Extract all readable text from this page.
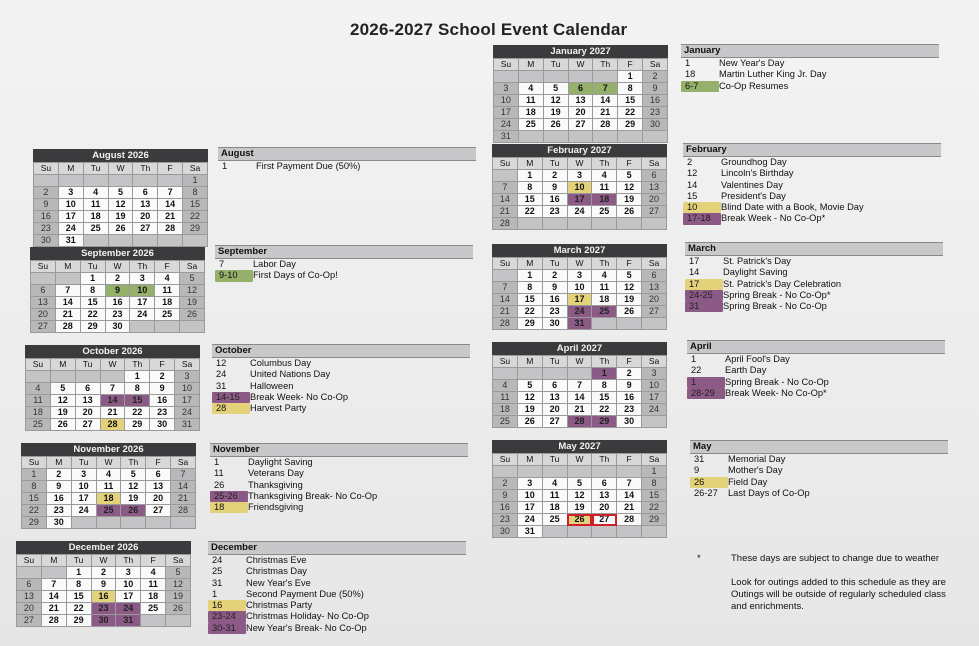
2026-2027 School Event Calendar
August 2026
Su	M	Tu	W	Th	F	Sa
						1
2	3	4	5	6	7	8
9	10	11	12	13	14	15
16	17	18	19	20	21	22
23	24	25	26	27	28	29
30	31					
September 2026
Su	M	Tu	W	Th	F	Sa
		1	2	3	4	5
6	7	8	9	10	11	12
13	14	15	16	17	18	19
20	21	22	23	24	25	26
27	28	29	30			
October 2026
Su	M	Tu	W	Th	F	Sa
				1	2	3
4	5	6	7	8	9	10
11	12	13	14	15	16	17
18	19	20	21	22	23	24
25	26	27	28	29	30	31
November 2026
Su	M	Tu	W	Th	F	Sa
1	2	3	4	5	6	7
8	9	10	11	12	13	14
15	16	17	18	19	20	21
22	23	24	25	26	27	28
29	30					
December 2026
Su	M	Tu	W	Th	F	Sa
		1	2	3	4	5
6	7	8	9	10	11	12
13	14	15	16	17	18	19
20	21	22	23	24	25	26
27	28	29	30	31		
January 2027
Su	M	Tu	W	Th	F	Sa
					1	2
3	4	5	6	7	8	9
10	11	12	13	14	15	16
17	18	19	20	21	22	23
24	25	26	27	28	29	30
31						
February 2027
Su	M	Tu	W	Th	F	Sa
	1	2	3	4	5	6
7	8	9	10	11	12	13
14	15	16	17	18	19	20
21	22	23	24	25	26	27
28						
March 2027
Su	M	Tu	W	Th	F	Sa
	1	2	3	4	5	6
7	8	9	10	11	12	13
14	15	16	17	18	19	20
21	22	23	24	25	26	27
28	29	30	31			
April 2027
Su	M	Tu	W	Th	F	Sa
				1	2	3
4	5	6	7	8	9	10
11	12	13	14	15	16	17
18	19	20	21	22	23	24
25	26	27	28	29	30	
May 2027
Su	M	Tu	W	Th	F	Sa
						1
2	3	4	5	6	7	8
9	10	11	12	13	14	15
16	17	18	19	20	21	22
23	24	25	26	27	28	29
30	31					
August
1	First Payment Due (50%)
September
7	Labor Day
9-10	First Days of Co-Op!
October
12	Columbus Day
24	United Nations Day
31	Halloween
14-15	Break Week- No Co-Op
28	Harvest Party
November
1	Daylight Saving
11	Veterans Day
26	Thanksgiving
25-26	Thanksgiving Break- No Co-Op
18	Friendsgiving
December
24	Christmas Eve
25	Christmas Day
31	New Year's Eve
1	Second Payment Due (50%)
16	Christmas Party
23-24	Christmas Holiday- No Co-Op
30-31	New Year's Break- No Co-Op
January
1	New Year's Day
18	Martin Luther King Jr. Day
6-7	Co-Op Resumes
February
2	Groundhog Day
12	Lincoln's Birthday
14	Valentines Day
15	President's Day
10	Blind Date with a Book, Movie Day
17-18	Break Week - No Co-Op*
March
17	St. Patrick's Day
14	Daylight Saving
17	St. Patrick's Day Celebration
24-25	Spring Break - No Co-Op*
31	Spring Break - No Co-Op
April
1	April Fool's Day
22	Earth Day
1	Spring Break - No Co-Op
28-29	Break Week- No Co-Op*
May
31	Memorial Day
9	Mother's Day
26	Field Day
26-27	Last Days of Co-Op
*	These days are subject to change due to weather
Look for outings added to this schedule as they are
Outings will be outside of regularly scheduled class
and enrichments.
